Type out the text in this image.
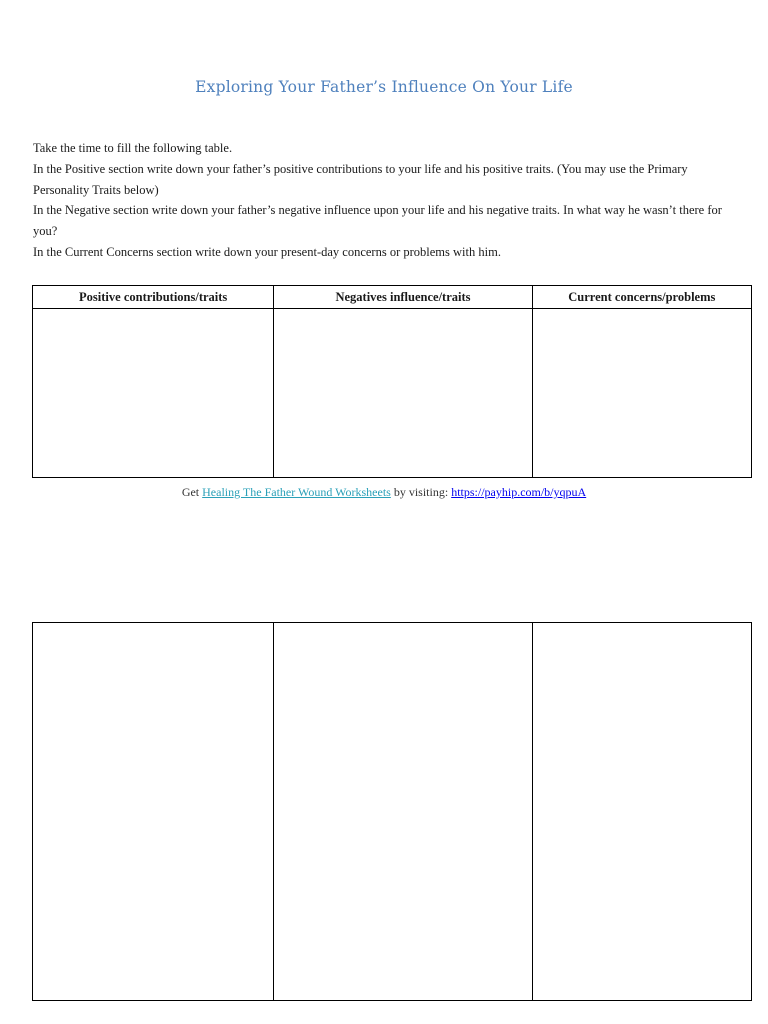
Exploring Your Father’s Influence On Your Life

Take the time to fill the following table.

In the Positive section write down your father’s positive contributions to your life and his positive traits. (You may use the Primary Personality Traits below)

In the Negative section write down your father’s negative influence upon your life and his negative traits. In what way he wasn’t there for you?

In the Current Concerns section write down your present-day concerns or problems with him.

Positive contributions/traits	Negatives influence/traits	Current concerns/problems

Get Healing The Father Wound Worksheets by visiting: https://payhip.com/b/yqpuA
